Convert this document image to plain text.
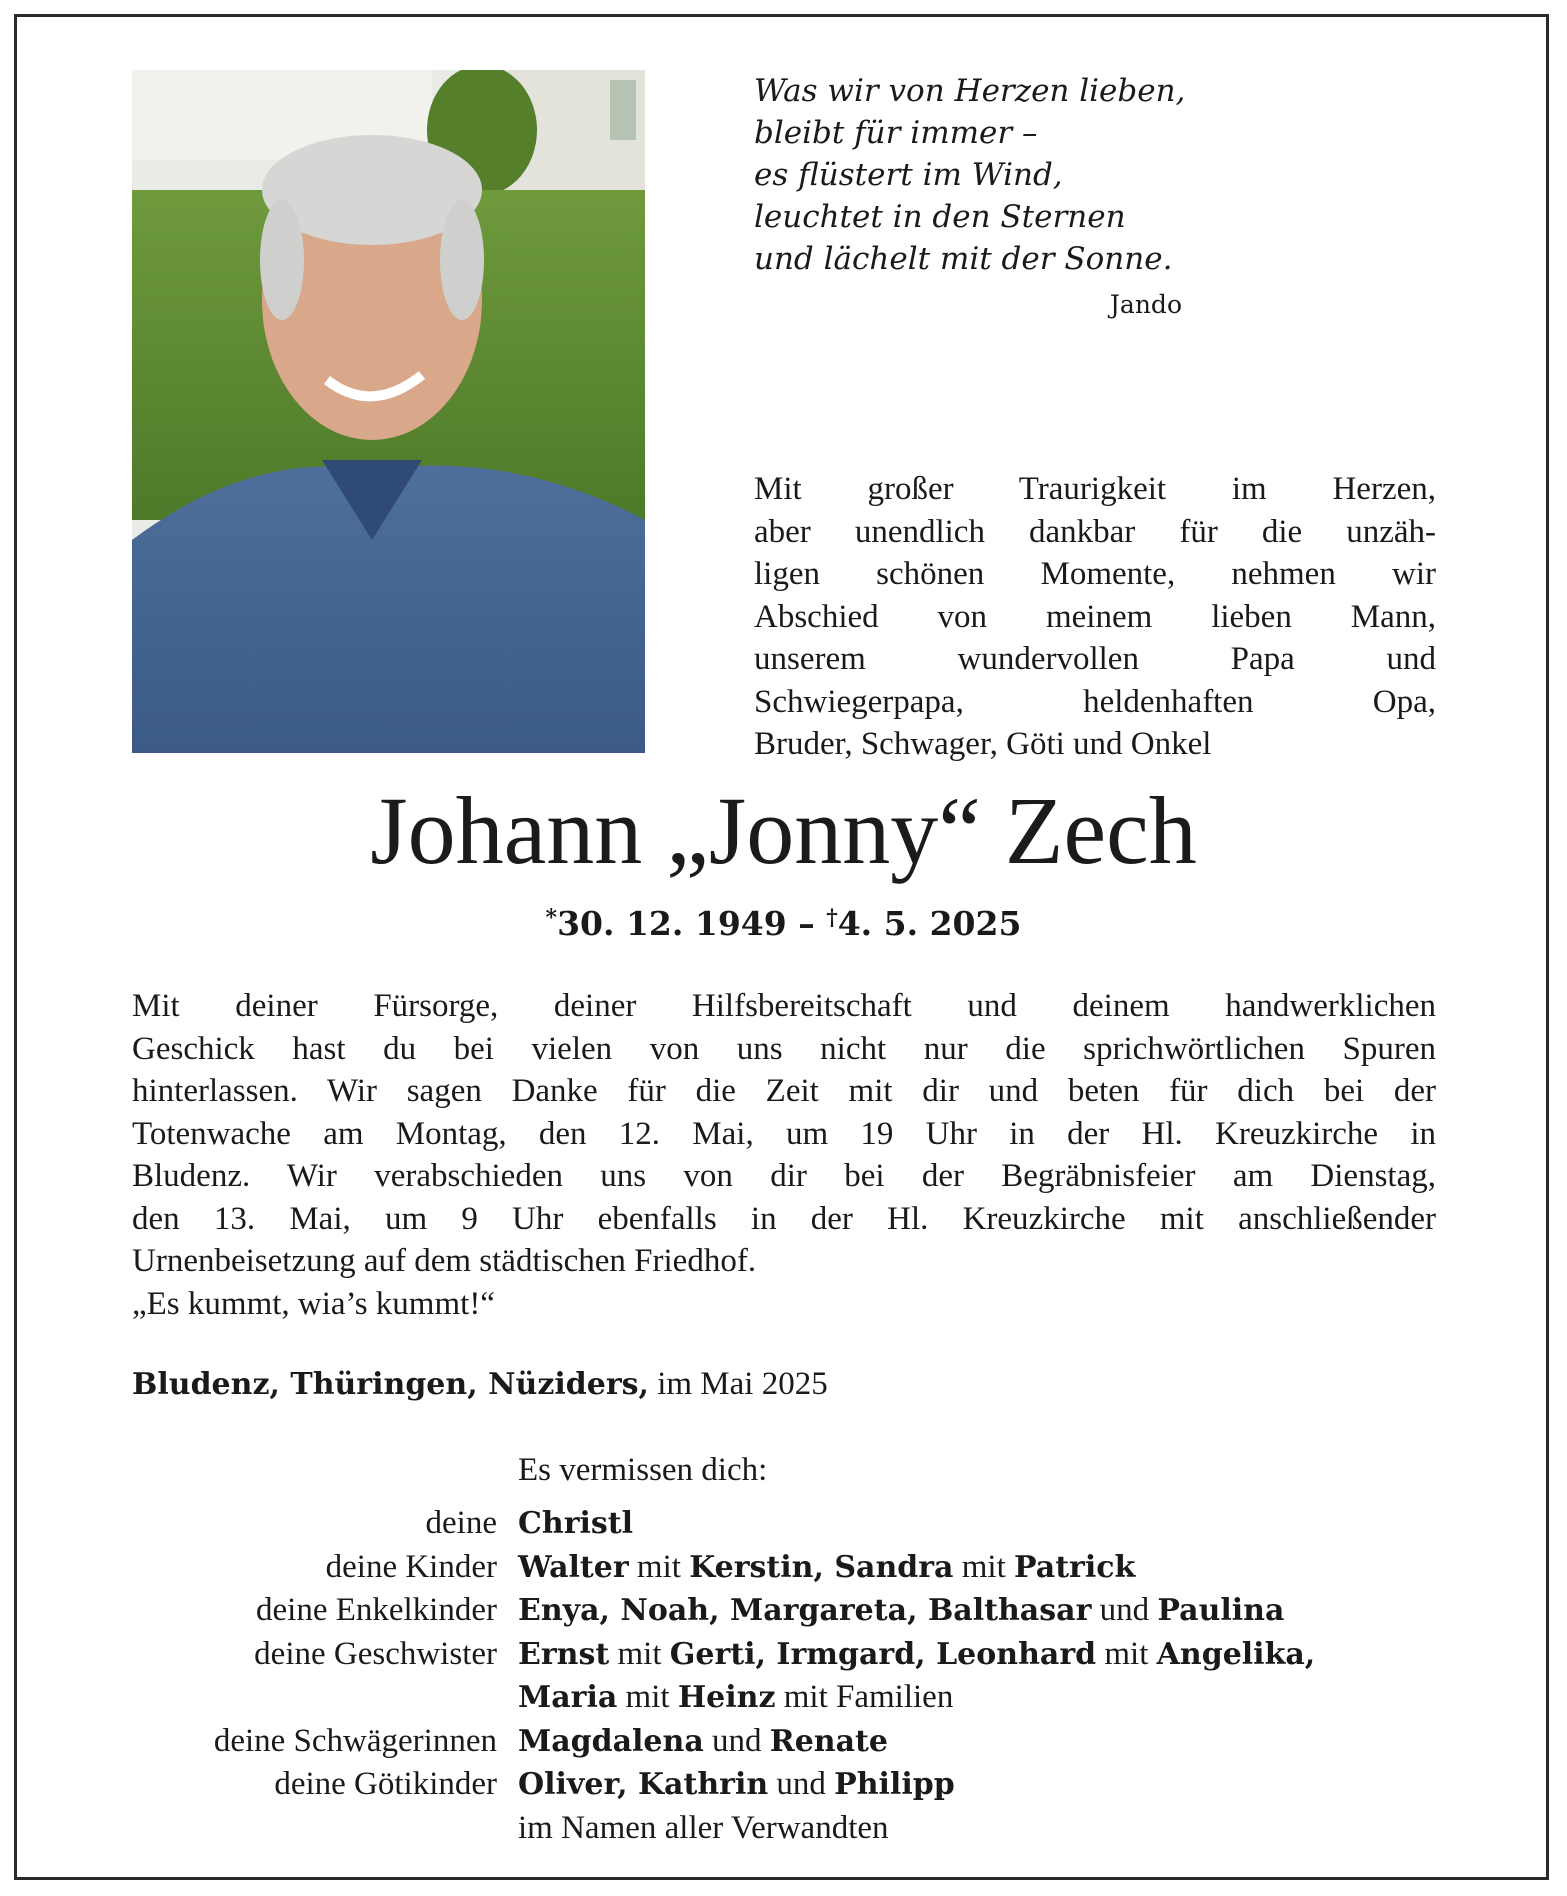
Was wir von Herzen lieben,
bleibt für immer –
es flüstert im Wind,
leuchtet in den Sternen
und lächelt mit der Sonne.
Jando
Mit großer Traurigkeit im Herzen,
aber unendlich dankbar für die unzäh-
ligen schönen Momente, nehmen wir
Abschied von meinem lieben Mann,
unserem wundervollen Papa und
Schwiegerpapa, heldenhaften Opa,
Bruder, Schwager, Göti und Onkel
Johann „Jonny“ Zech
*30. 12. 1949 – †4. 5. 2025
Mit deiner Fürsorge, deiner Hilfsbereitschaft und deinem handwerklichen
Geschick hast du bei vielen von uns nicht nur die sprichwörtlichen Spuren
hinterlassen. Wir sagen Danke für die Zeit mit dir und beten für dich bei der
Totenwache am Montag, den 12. Mai, um 19 Uhr in der Hl. Kreuzkirche in
Bludenz. Wir verabschieden uns von dir bei der Begräbnisfeier am Dienstag,
den 13. Mai, um 9 Uhr ebenfalls in der Hl. Kreuzkirche mit anschließender
Urnenbeisetzung auf dem städtischen Friedhof.
„Es kummt, wia’s kummt!“
Bludenz, Thüringen, Nüziders, im Mai 2025
Es vermissen dich:
deine Christl
deine Kinder Walter mit Kerstin, Sandra mit Patrick
deine Enkelkinder Enya, Noah, Margareta, Balthasar und Paulina
deine Geschwister Ernst mit Gerti, Irmgard, Leonhard mit Angelika,
Maria mit Heinz mit Familien
deine Schwägerinnen Magdalena und Renate
deine Götikinder Oliver, Kathrin und Philipp
im Namen aller Verwandten
